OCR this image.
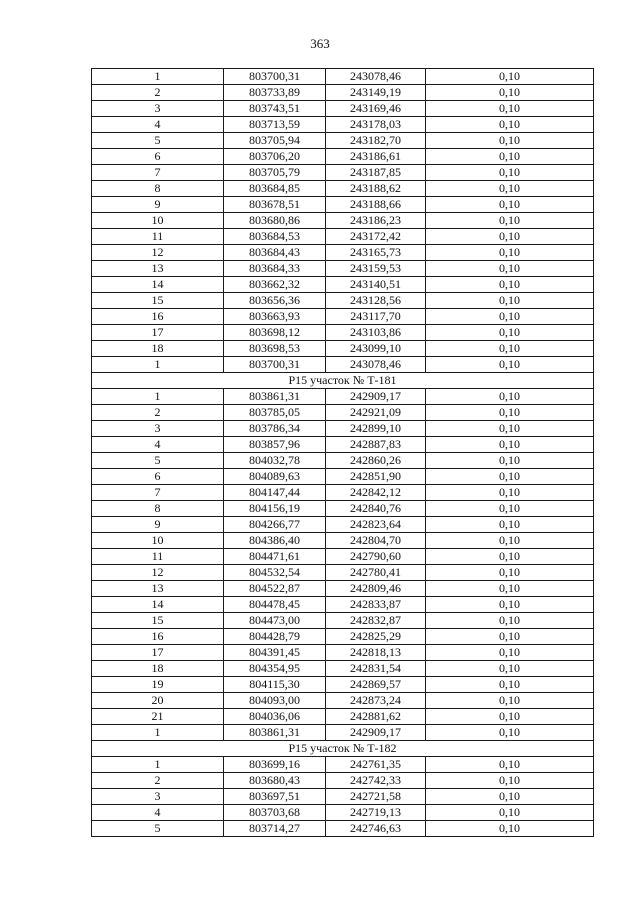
363
1	803700,31	243078,46	0,10
2	803733,89	243149,19	0,10
3	803743,51	243169,46	0,10
4	803713,59	243178,03	0,10
5	803705,94	243182,70	0,10
6	803706,20	243186,61	0,10
7	803705,79	243187,85	0,10
8	803684,85	243188,62	0,10
9	803678,51	243188,66	0,10
10	803680,86	243186,23	0,10
11	803684,53	243172,42	0,10
12	803684,43	243165,73	0,10
13	803684,33	243159,53	0,10
14	803662,32	243140,51	0,10
15	803656,36	243128,56	0,10
16	803663,93	243117,70	0,10
17	803698,12	243103,86	0,10
18	803698,53	243099,10	0,10
1	803700,31	243078,46	0,10
Р15 участок № Т-181			
1	803861,31	242909,17	0,10
2	803785,05	242921,09	0,10
3	803786,34	242899,10	0,10
4	803857,96	242887,83	0,10
5	804032,78	242860,26	0,10
6	804089,63	242851,90	0,10
7	804147,44	242842,12	0,10
8	804156,19	242840,76	0,10
9	804266,77	242823,64	0,10
10	804386,40	242804,70	0,10
11	804471,61	242790,60	0,10
12	804532,54	242780,41	0,10
13	804522,87	242809,46	0,10
14	804478,45	242833,87	0,10
15	804473,00	242832,87	0,10
16	804428,79	242825,29	0,10
17	804391,45	242818,13	0,10
18	804354,95	242831,54	0,10
19	804115,30	242869,57	0,10
20	804093,00	242873,24	0,10
21	804036,06	242881,62	0,10
1	803861,31	242909,17	0,10
Р15 участок № Т-182			
1	803699,16	242761,35	0,10
2	803680,43	242742,33	0,10
3	803697,51	242721,58	0,10
4	803703,68	242719,13	0,10
5	803714,27	242746,63	0,10
